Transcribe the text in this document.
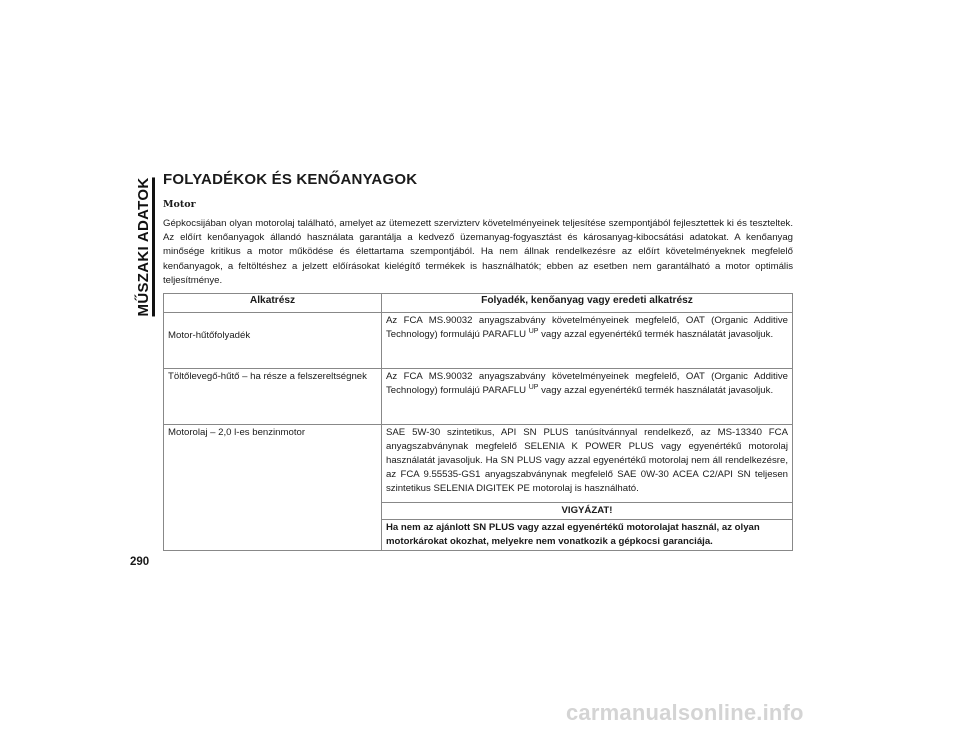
MŰSZAKI ADATOK FOLYADÉKOK ÉS KENŐANYAGOK
Motor

Gépkocsijában olyan motorolaj található, amelyet az ütemezett szervizterv követelményeinek teljesítése szempontjából fejlesztettek ki és teszteltek. Az előírt kenőanyagok állandó használata garantálja a kedvező üzemanyag-fogyasztást és károsanyag-kibocsátási adatokat. A kenőanyag minősége kritikus a motor működése és élettartama szempontjából. Ha nem állnak rendelkezésre az előírt követelményeknek megfelelő kenőanyagok, a feltöltéshez a jelzett előírásokat kielégítő termékek is használhatók; ebben az esetben nem garantálható a motor optimális teljesítménye.

Alkatrész	Folyadék, kenőanyag vagy eredeti alkatrész
Motor-hűtőfolyadék	Az FCA MS.90032 anyagszabvány követelményeinek megfelelő, OAT (Organic Additive Technology) formulájú PARAFLU $^{UP}$ vagy azzal egyenértékű termék használatát javasoljuk.

Töltőlevegő-hűtő – ha része a felszereltségnek	Az FCA MS.90032 anyagszabvány követelményeinek megfelelő, OAT (Organic Additive Technology) formulájú PARAFLU $^{UP}$ vagy azzal egyenértékű termék használatát javasoljuk.

Motorolaj – 2,0 l-es benzinmotor	SAE 5W-30 szintetikus, API SN PLUS tanúsítvánnyal rendelkező, az MS-13340 FCA anyagszabványnak megfelelő SELENIA K POWER PLUS vagy egyenértékű motorolaj használatát javasoljuk. Ha SN PLUS vagy azzal egyenértékű motorolaj nem áll rendelkezésre, az FCA 9.55535-GS1 anyagszabványnak megfelelő SAE 0W-30 ACEA C2/API SN teljesen szintetikus SELENIA DIGITEK PE motorolaj is használható.

	VIGYÁZAT!
	Ha nem az ajánlott SN PLUS vagy azzal egyenértékű motorolajat használ, az olyan motorkárokat okozhat, melyekre nem vonatkozik a gépkocsi garanciája.
290
carmanualsonline.info
